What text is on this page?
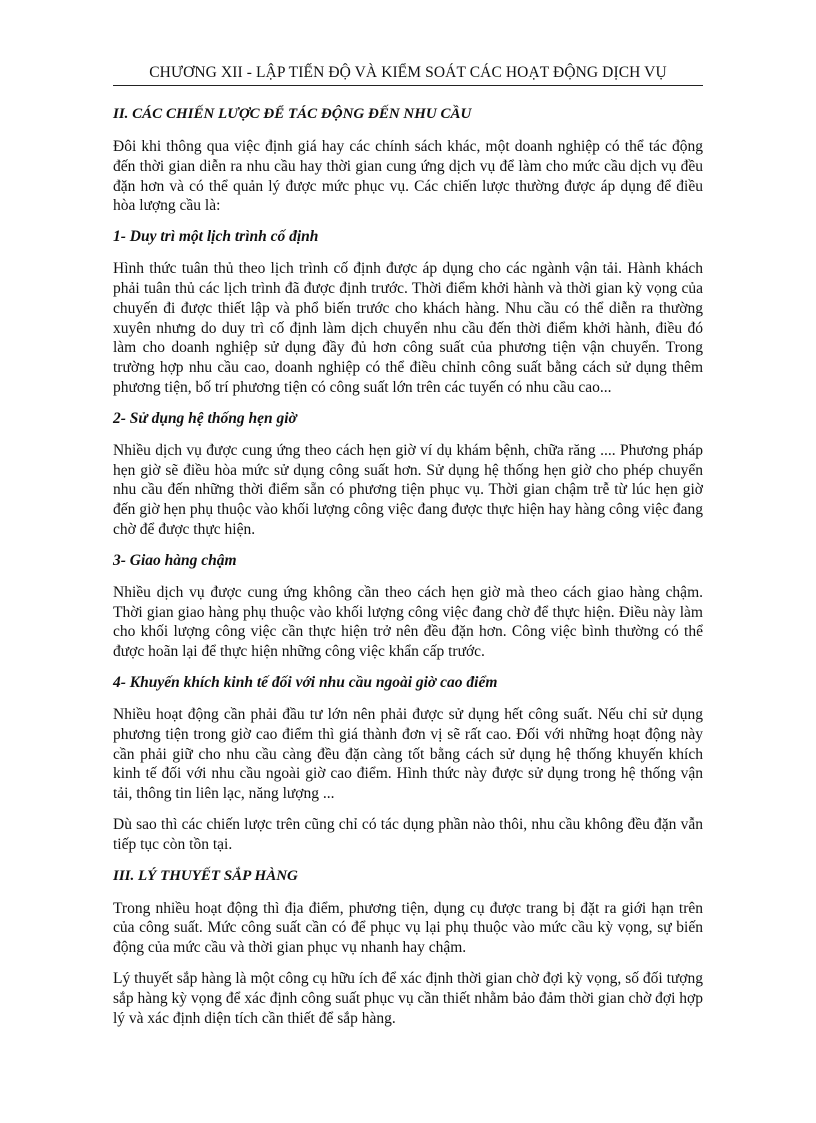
CHƯƠNG XII - LẬP TIẾN ĐỘ VÀ KIỂM SOÁT CÁC HOẠT ĐỘNG DỊCH VỤ
II. CÁC CHIẾN LƯỢC ĐỂ TÁC ĐỘNG ĐẾN NHU CẦU

Đôi khi thông qua việc định giá hay các chính sách khác, một doanh nghiệp có thể tác động đến thời gian diễn ra nhu cầu hay thời gian cung ứng dịch vụ để làm cho mức cầu dịch vụ đều đặn hơn và có thể quản lý được mức phục vụ. Các chiến lược thường được áp dụng để điều hòa lượng cầu là:

1- Duy trì một lịch trình cố định

Hình thức tuân thủ theo lịch trình cố định được áp dụng cho các ngành vận tải. Hành khách phải tuân thủ các lịch trình đã được định trước. Thời điểm khởi hành và thời gian kỳ vọng của chuyến đi được thiết lập và phổ biến trước cho khách hàng. Nhu cầu có thể diễn ra thường xuyên nhưng do duy trì cố định làm dịch chuyển nhu cầu đến thời điểm khởi hành, điều đó làm cho doanh nghiệp sử dụng đầy đủ hơn công suất của phương tiện vận chuyển. Trong trường hợp nhu cầu cao, doanh nghiệp có thể điều chỉnh công suất bằng cách sử dụng thêm phương tiện, bố trí phương tiện có công suất lớn trên các tuyến có nhu cầu cao...

2- Sử dụng hệ thống hẹn giờ

Nhiều dịch vụ được cung ứng theo cách hẹn giờ ví dụ khám bệnh, chữa răng .... Phương pháp hẹn giờ sẽ điều hòa mức sử dụng công suất hơn. Sử dụng hệ thống hẹn giờ cho phép chuyển nhu cầu đến những thời điểm sẵn có phương tiện phục vụ. Thời gian chậm trễ từ lúc hẹn giờ đến giờ hẹn phụ thuộc vào khối lượng công việc đang được thực hiện hay hàng công việc đang chờ để được thực hiện.

3- Giao hàng chậm

Nhiều dịch vụ được cung ứng không cần theo cách hẹn giờ mà theo cách giao hàng chậm. Thời gian giao hàng phụ thuộc vào khối lượng công việc đang chờ để thực hiện. Điều này làm cho khối lượng công việc cần thực hiện trở nên đều đặn hơn. Công việc bình thường có thể được hoãn lại để thực hiện những công việc khẩn cấp trước.

4- Khuyến khích kinh tế đối với nhu cầu ngoài giờ cao điểm

Nhiều hoạt động cần phải đầu tư lớn nên phải được sử dụng hết công suất. Nếu chỉ sử dụng phương tiện trong giờ cao điểm thì giá thành đơn vị sẽ rất cao. Đối với những hoạt động này cần phải giữ cho nhu cầu càng đều đặn càng tốt bằng cách sử dụng hệ thống khuyến khích kinh tế đối với nhu cầu ngoài giờ cao điểm. Hình thức này được sử dụng trong hệ thống vận tải, thông tin liên lạc, năng lượng ...

Dù sao thì các chiến lược trên cũng chỉ có tác dụng phần nào thôi, nhu cầu không đều đặn vẫn tiếp tục còn tồn tại.

III. LÝ THUYẾT SẮP HÀNG

Trong nhiều hoạt động thì địa điểm, phương tiện, dụng cụ được trang bị đặt ra giới hạn trên của công suất. Mức công suất cần có để phục vụ lại phụ thuộc vào mức cầu kỳ vọng, sự biến động của mức cầu và thời gian phục vụ nhanh hay chậm.

Lý thuyết sắp hàng là một công cụ hữu ích để xác định thời gian chờ đợi kỳ vọng, số đối tượng sắp hàng kỳ vọng để xác định công suất phục vụ cần thiết nhằm bảo đảm thời gian chờ đợi hợp lý và xác định diện tích cần thiết để sắp hàng.
